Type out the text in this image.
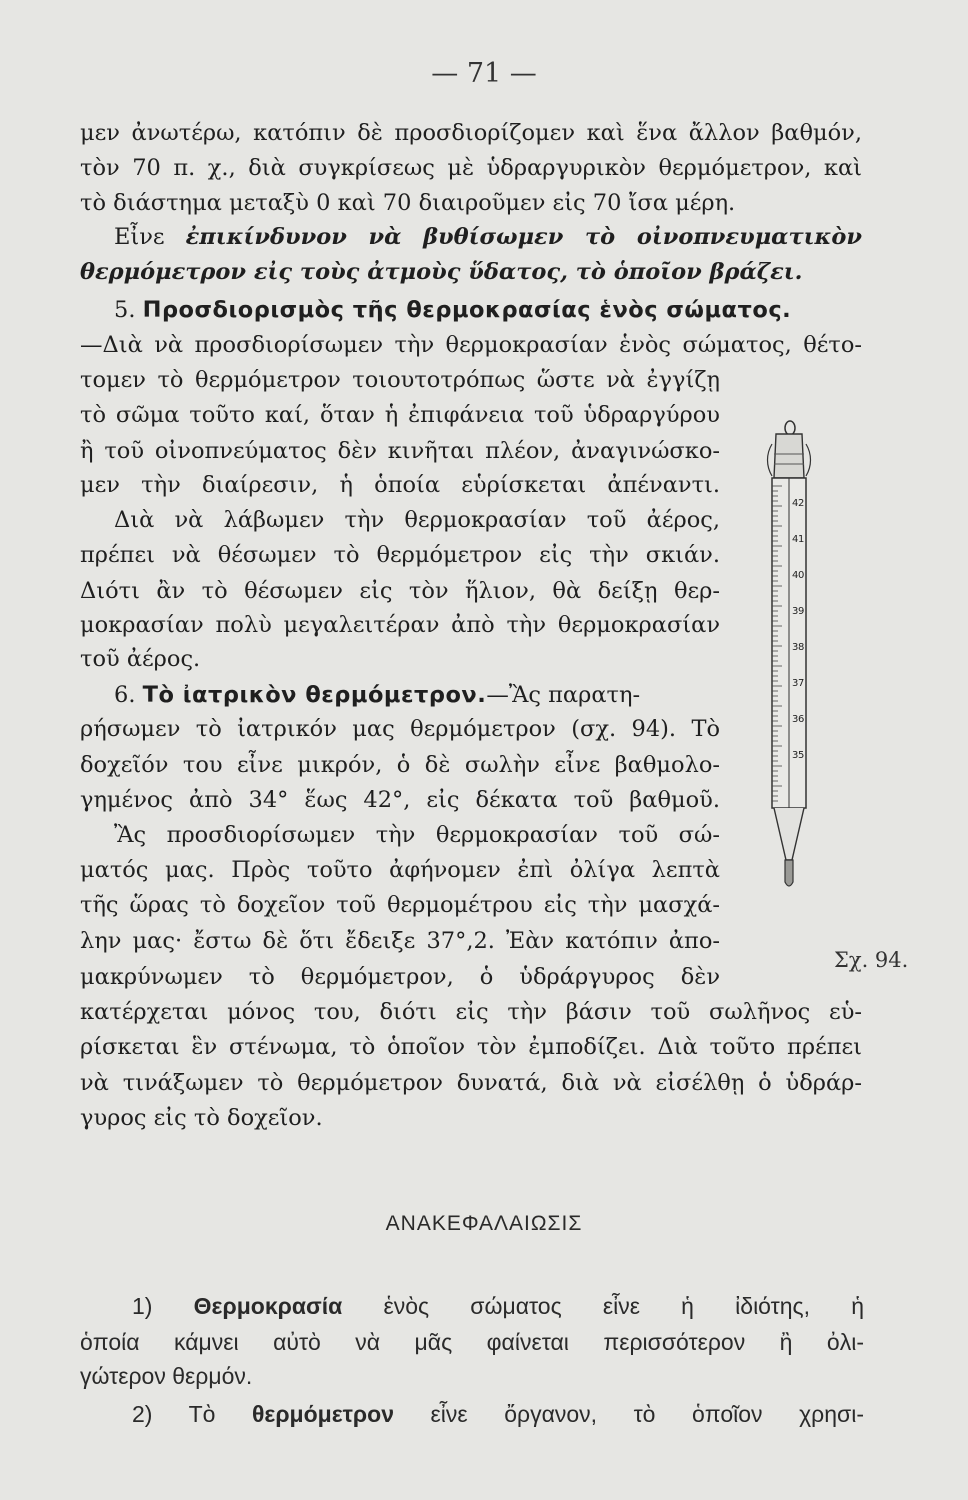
— 71 —
μεν ἀνωτέρω, κατόπιν δὲ προσδιορίζομεν καὶ ἕνα ἄλλον βαθμόν,
τὸν 70 π. χ., διὰ συγκρίσεως μὲ ὑδραργυρικὸν θερμόμετρον, καὶ
τὸ διάστημα μεταξὺ 0 καὶ 70 διαιροῦμεν εἰς 70 ἴσα μέρη.
Εἶνε ἐπικίνδυνον νὰ βυθίσωμεν τὸ οἰνοπνευματικὸν
θερμόμετρον εἰς τοὺς ἀτμοὺς ὕδατος, τὸ ὁποῖον βράζει.
5. Προσδιορισμὸς τῆς θερμοκρασίας ἑνὸς σώματος.
—Διὰ νὰ προσδιορίσωμεν τὴν θερμοκρασίαν ἑνὸς σώματος, θέτο-
τομεν τὸ θερμόμετρον τοιουτοτρόπως ὥστε νὰ ἐγγίζῃ
τὸ σῶμα τοῦτο καί, ὅταν ἡ ἐπιφάνεια τοῦ ὑδραργύρου
ἢ τοῦ οἰνοπνεύματος δὲν κινῆται πλέον, ἀναγινώσκο-
μεν τὴν διαίρεσιν, ἡ ὁποία εὑρίσκεται ἀπέναντι.
Διὰ νὰ λάβωμεν τὴν θερμοκρασίαν τοῦ ἀέρος,
πρέπει νὰ θέσωμεν τὸ θερμόμετρον εἰς τὴν σκιάν.
Διότι ἂν τὸ θέσωμεν εἰς τὸν ἥλιον, θὰ δείξῃ θερ-
μοκρασίαν πολὺ μεγαλειτέραν ἀπὸ τὴν θερμοκρασίαν
τοῦ ἀέρος.
6. Τὸ ἰατρικὸν θερμόμετρον.—Ἂς παρατη-
ρήσωμεν τὸ ἰατρικόν μας θερμόμετρον (σχ. 94). Τὸ
δοχεῖόν του εἶνε μικρόν, ὁ δὲ σωλὴν εἶνε βαθμολο-
γημένος ἀπὸ 34° ἕως 42°, εἰς δέκατα τοῦ βαθμοῦ.
Ἂς προσδιορίσωμεν τὴν θερμοκρασίαν τοῦ σώ-
ματός μας. Πρὸς τοῦτο ἀφήνομεν ἐπὶ ὀλίγα λεπτὰ
τῆς ὥρας τὸ δοχεῖον τοῦ θερμομέτρου εἰς τὴν μασχά-
λην μας· ἔστω δὲ ὅτι ἔδειξε 37°,2. Ἐὰν κατόπιν ἀπο-
μακρύνωμεν τὸ θερμόμετρον, ὁ ὑδράργυρος δὲν
κατέρχεται μόνος του, διότι εἰς τὴν βάσιν τοῦ σωλῆνος εὑ-
ρίσκεται ἓν στένωμα, τὸ ὁποῖον τὸν ἐμποδίζει. Διὰ τοῦτο πρέπει
νὰ τινάξωμεν τὸ θερμόμετρον δυνατά, διὰ νὰ εἰσέλθῃ ὁ ὑδράρ-
γυρος εἰς τὸ δοχεῖον.
4 2
4 1
4 0
3 9
3 8
3 7
3 6
3 5
Σχ. 94.
ΑΝΑΚΕΦΑΛΑΙΩΣΙΣ
1) Θερμοκρασία ἑνὸς σώματος εἶνε ἡ ἰδιότης, ἡ
ὁποία κάμνει αὐτὸ νὰ μᾶς φαίνεται περισσότερον ἢ ὀλι-
γώτερον θερμόν.
2) Τὸ θερμόμετρον εἶνε ὄργανον, τὸ ὁποῖον χρησι-
